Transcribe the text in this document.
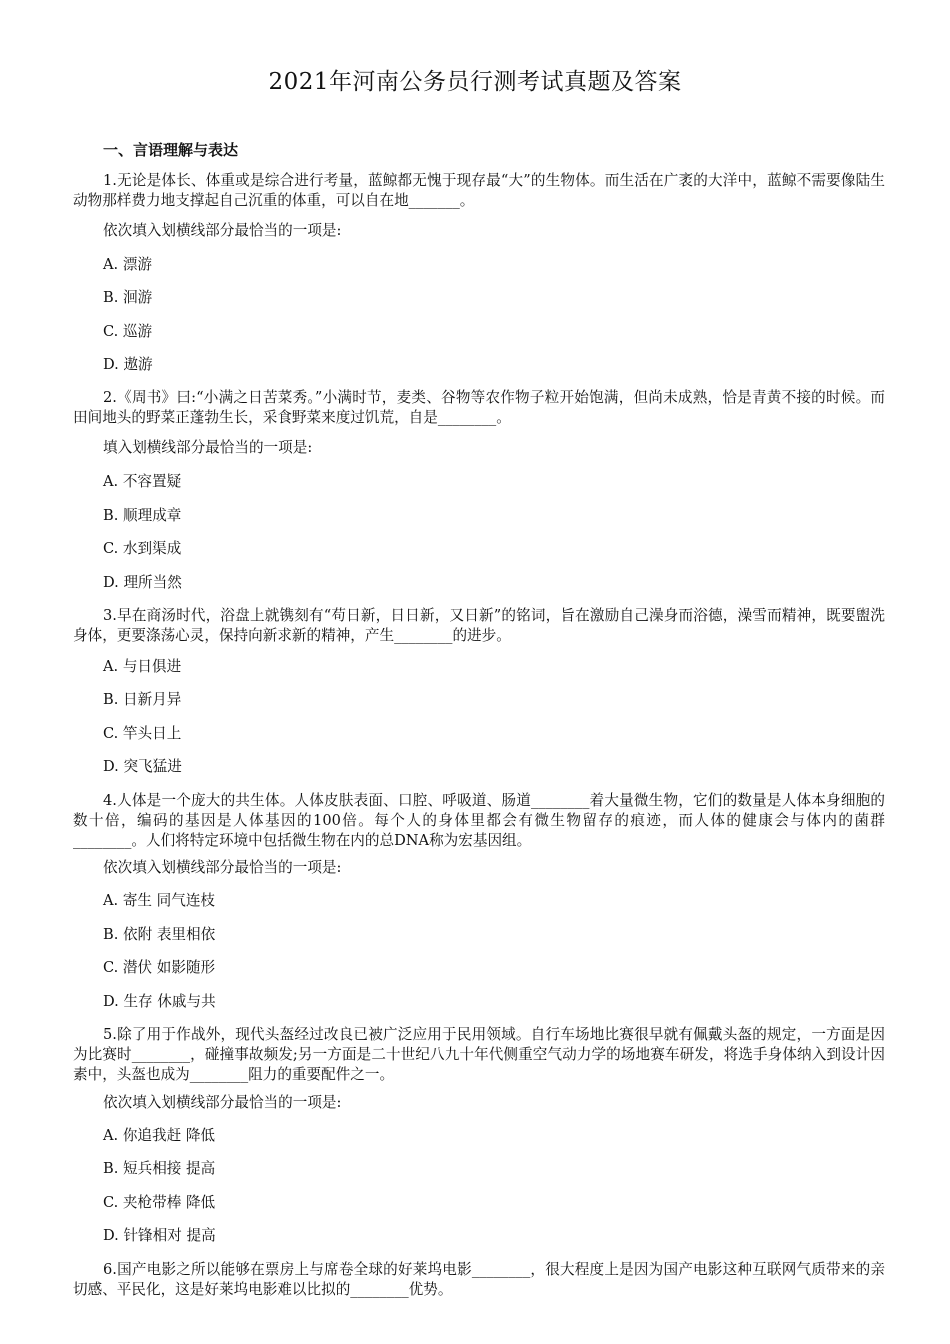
2021年河南公务员行测考试真题及答案
一、言语理解与表达

1.无论是体长、体重或是综合进行考量，蓝鲸都无愧于现存最“大”的生物体。而生活在广袤的大洋中，蓝鲸不需要像陆生动物那样费力地支撑起自己沉重的体重，可以自在地_______。

依次填入划横线部分最恰当的一项是:

A. 漂游

B. 洄游

C. 巡游

D. 遨游

2.《周书》曰:“小满之日苦菜秀。”小满时节，麦类、谷物等农作物子粒开始饱满，但尚未成熟，恰是青黄不接的时候。而田间地头的野菜正蓬勃生长，采食野菜来度过饥荒，自是________。

填入划横线部分最恰当的一项是:

A. 不容置疑

B. 顺理成章

C. 水到渠成

D. 理所当然

3.早在商汤时代，浴盘上就镌刻有“苟日新，日日新，又日新”的铭词，旨在激励自己澡身而浴德，澡雪而精神，既要盥洗身体，更要涤荡心灵，保持向新求新的精神，产生________的进步。

A. 与日俱进

B. 日新月异

C. 竿头日上

D. 突飞猛进

4.人体是一个庞大的共生体。人体皮肤表面、口腔、呼吸道、肠道________着大量微生物，它们的数量是人体本身细胞的数十倍，编码的基因是人体基因的100倍。每个人的身体里都会有微生物留存的痕迹，而人体的健康会与体内的菌群________。人们将特定环境中包括微生物在内的总DNA称为宏基因组。

依次填入划横线部分最恰当的一项是:

A. 寄生 同气连枝

B. 依附 表里相依

C. 潜伏 如影随形

D. 生存 休戚与共

5.除了用于作战外，现代头盔经过改良已被广泛应用于民用领域。自行车场地比赛很早就有佩戴头盔的规定，一方面是因为比赛时________，碰撞事故频发;另一方面是二十世纪八九十年代侧重空气动力学的场地赛车研发，将选手身体纳入到设计因素中，头盔也成为________阻力的重要配件之一。

依次填入划横线部分最恰当的一项是:

A. 你追我赶 降低

B. 短兵相接 提高

C. 夹枪带棒 降低

D. 针锋相对 提高

6.国产电影之所以能够在票房上与席卷全球的好莱坞电影________，很大程度上是因为国产电影这种互联网气质带来的亲切感、平民化，这是好莱坞电影难以比拟的________优势。
